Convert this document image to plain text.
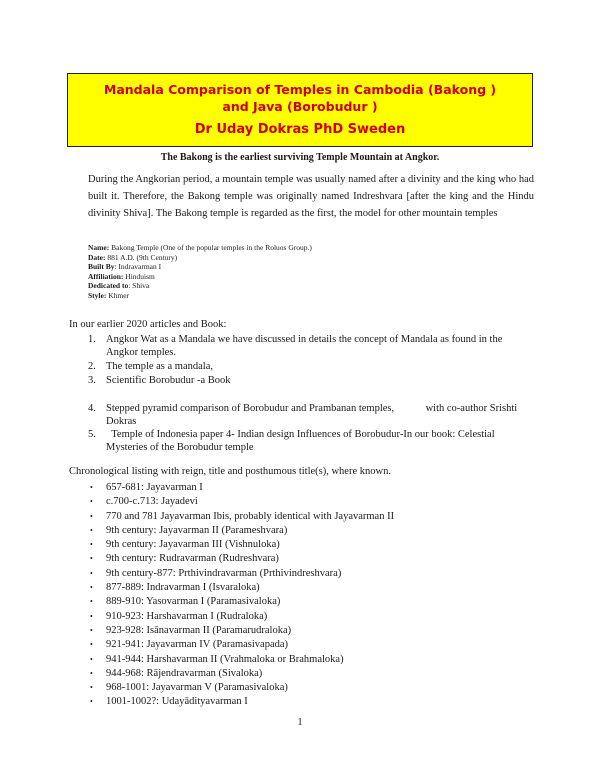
Mandala Comparison of Temples in Cambodia (Bakong )
and Java (Borobudur )
Dr Uday Dokras PhD Sweden
The Bakong is the earliest surviving Temple Mountain at Angkor.
During the Angkorian period, a mountain temple was usually named after a divinity and the king who had built it. Therefore, the Bakong temple was originally named Indreshvara [after the king and the Hindu divinity Shiva]. The Bakong temple is regarded as the first, the model for other mountain temples
Name: Bakong Temple (One of the popular temples in the Roluos Group.)
Date: 881 A.D. (9th Century)
Built By: Indravarman I
Affiliation: Hinduism
Dedicated to: Shiva
Style: Khmer
In our earlier 2020 articles and Book:
1. Angkor Wat as a Mandala we have discussed in details the concept of Mandala as found in the Angkor temples.
2. The temple as a mandala,
3. Scientific Borobudur -a Book
4. Stepped pyramid comparison of Borobudur and Prambanan temples,            with co-author Srishti Dokras
5. Temple of Indonesia paper 4- Indian design Influences of Borobudur-In our book: Celestial Mysteries of the Borobudur temple
Chronological listing with reign, title and posthumous title(s), where known.
• 657-681: Jayavarman I
• c.700-c.713: Jayadevi
• 770 and 781 Jayavarman Ibis, probably identical with Jayavarman II
• 9th century: Jayavarman II (Parameshvara)
• 9th century: Jayavarman III (Vishnuloka)
• 9th century: Rudravarman (Rudreshvara)
• 9th century-877: Prthivindravarman (Prthivindreshvara)
• 877-889: Indravarman I (Isvaraloka)
• 889-910: Yasovarman I (Paramasivaloka)
• 910-923: Harshavarman I (Rudraloka)
• 923-928: Isānavarman II (Paramarudraloka)
• 921-941: Jayavarman IV (Paramasivapada)
• 941-944: Harshavarman II (Vrahmaloka or Brahmaloka)
• 944-968: Rājendravarman (Sivaloka)
• 968-1001: Jayavarman V (Paramasivaloka)
• 1001-1002?: Udayādityavarman I
1
